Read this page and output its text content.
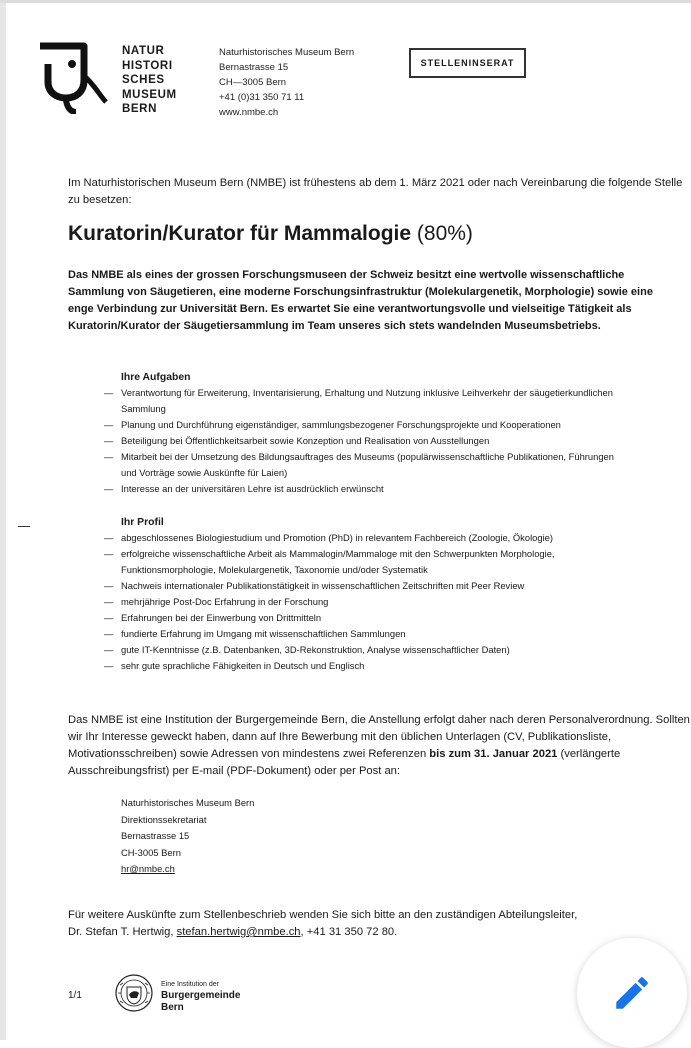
NATUR
HISTORI
SCHES
MUSEUM
BERN
Naturhistorisches Museum Bern
Bernastrasse 15
CH—3005 Bern
+41 (0)31 350 71 11
www.nmbe.ch
STELLENINSERAT
Im Naturhistorischen Museum Bern (NMBE) ist frühestens ab dem 1. März 2021 oder nach Vereinbarung die folgende Stelle zu besetzen:
Kuratorin/Kurator für Mammalogie (80%)
Das NMBE als eines der grossen Forschungsmuseen der Schweiz besitzt eine wertvolle wissenschaftliche Sammlung von Säugetieren, eine moderne Forschungsinfrastruktur (Molekulargenetik, Morphologie) sowie eine enge Verbindung zur Universität Bern. Es erwartet Sie eine verantwortungsvolle und vielseitige Tätigkeit als Kuratorin/Kurator der Säugetiersammlung im Team unseres sich stets wandelnden Museumsbetriebs.
Ihre Aufgaben
— Verantwortung für Erweiterung, Inventarisierung, Erhaltung und Nutzung inklusive Leihverkehr der säugetierkundlichen Sammlung
— Planung und Durchführung eigenständiger, sammlungsbezogener Forschungsprojekte und Kooperationen
— Beteiligung bei Öffentlichkeitsarbeit sowie Konzeption und Realisation von Ausstellungen
— Mitarbeit bei der Umsetzung des Bildungsauftrages des Museums (populärwissenschaftliche Publikationen, Führungen und Vorträge sowie Auskünfte für Laien)
— Interesse an der universitären Lehre ist ausdrücklich erwünscht
Ihr Profil
— abgeschlossenes Biologiestudium und Promotion (PhD) in relevantem Fachbereich (Zoologie, Ökologie)
— erfolgreiche wissenschaftliche Arbeit als Mammalogin/Mammaloge mit den Schwerpunkten Morphologie, Funktionsmorphologie, Molekulargenetik, Taxonomie und/oder Systematik
— Nachweis internationaler Publikationstätigkeit in wissenschaftlichen Zeitschriften mit Peer Review
— mehrjährige Post-Doc Erfahrung in der Forschung
— Erfahrungen bei der Einwerbung von Drittmitteln
— fundierte Erfahrung im Umgang mit wissenschaftlichen Sammlungen
— gute IT-Kenntnisse (z.B. Datenbanken, 3D-Rekonstruktion, Analyse wissenschaftlicher Daten)
— sehr gute sprachliche Fähigkeiten in Deutsch und Englisch
Das NMBE ist eine Institution der Burgergemeinde Bern, die Anstellung erfolgt daher nach deren Personalverordnung. Sollten wir Ihr Interesse geweckt haben, dann auf Ihre Bewerbung mit den üblichen Unterlagen (CV, Publikationsliste, Motivationsschreiben) sowie Adressen von mindestens zwei Referenzen bis zum 31. Januar 2021 (verlängerte Ausschreibungsfrist) per E-mail (PDF-Dokument) oder per Post an:
Naturhistorisches Museum Bern
Direktionssekretariat
Bernastrasse 15
CH-3005 Bern
hr@nmbe.ch
Für weitere Auskünfte zum Stellenbeschrieb wenden Sie sich bitte an den zuständigen Abteilungsleiter,
Dr. Stefan T. Hertwig, stefan.hertwig@nmbe.ch, +41 31 350 72 80.
1/1
Eine Institution der
Burgergemeinde
Bern
